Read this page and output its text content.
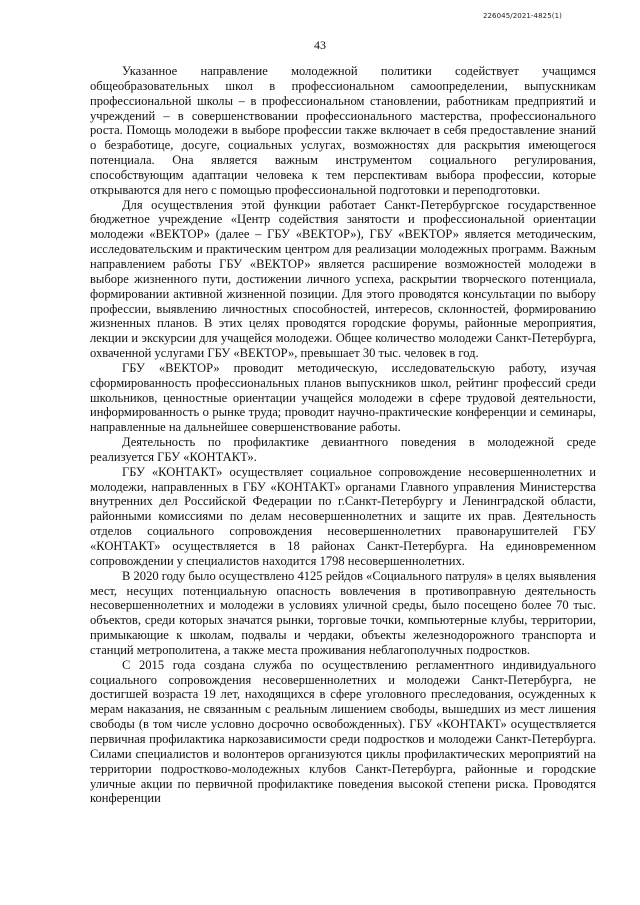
226045/2021-4825(1)
43

Указанное направление молодежной политики содействует учащимся общеобразовательных школ в профессиональном самоопределении, выпускникам профессиональной школы – в профессиональном становлении, работникам предприятий и учреждений – в совершенствовании профессионального мастерства, профессионального роста. Помощь молодежи в выборе профессии также включает в себя предоставление знаний о безработице, досуге, социальных услугах, возможностях для раскрытия имеющегося потенциала. Она является важным инструментом социального регулирования, способствующим адаптации человека к тем перспективам выбора профессии, которые открываются для него с помощью профессиональной подготовки и переподготовки.

Для осуществления этой функции работает Санкт-Петербургское государственное бюджетное учреждение «Центр содействия занятости и профессиональной ориентации молодежи «ВЕКТОР» (далее – ГБУ «ВЕКТОР»), ГБУ «ВЕКТОР» является методическим, исследовательским и практическим центром для реализации молодежных программ. Важным направлением работы ГБУ «ВЕКТОР» является расширение возможностей молодежи в выборе жизненного пути, достижении личного успеха, раскрытии творческого потенциала, формировании активной жизненной позиции. Для этого проводятся консультации по выбору профессии, выявлению личностных способностей, интересов, склонностей, формированию жизненных планов. В этих целях проводятся городские форумы, районные мероприятия, лекции и экскурсии для учащейся молодежи. Общее количество молодежи Санкт-Петербурга, охваченной услугами ГБУ «ВЕКТОР», превышает 30 тыс. человек в год.

ГБУ «ВЕКТОР» проводит методическую, исследовательскую работу, изучая сформированность профессиональных планов выпускников школ, рейтинг профессий среди школьников, ценностные ориентации учащейся молодежи в сфере трудовой деятельности, информированность о рынке труда; проводит научно-практические конференции и семинары, направленные на дальнейшее совершенствование работы.

Деятельность по профилактике девиантного поведения в молодежной среде реализуется ГБУ «КОНТАКТ».

ГБУ «КОНТАКТ» осуществляет социальное сопровождение несовершеннолетних и молодежи, направленных в ГБУ «КОНТАКТ» органами Главного управления Министерства внутренних дел Российской Федерации по г.Санкт-Петербургу и Ленинградской области, районными комиссиями по делам несовершеннолетних и защите их прав. Деятельность отделов социального сопровождения несовершеннолетних правонарушителей ГБУ «КОНТАКТ» осуществляется в 18 районах Санкт-Петербурга. На единовременном сопровождении у специалистов находится 1798 несовершеннолетних.

В 2020 году было осуществлено 4125 рейдов «Социального патруля» в целях выявления мест, несущих потенциальную опасность вовлечения в противоправную деятельность несовершеннолетних и молодежи в условиях уличной среды, было посещено более 70 тыс. объектов, среди которых значатся рынки, торговые точки, компьютерные клубы, территории, примыкающие к школам, подвалы и чердаки, объекты железнодорожного транспорта и станций метрополитена, а также места проживания неблагополучных подростков.

С 2015 года создана служба по осуществлению регламентного индивидуального социального сопровождения несовершеннолетних и молодежи Санкт-Петербурга, не достигшей возраста 19 лет, находящихся в сфере уголовного преследования, осужденных к мерам наказания, не связанным с реальным лишением свободы, вышедших из мест лишения свободы (в том числе условно досрочно освобожденных). ГБУ «КОНТАКТ» осуществляется первичная профилактика наркозависимости среди подростков и молодежи Санкт-Петербурга. Силами специалистов и волонтеров организуются циклы профилактических мероприятий на территории подростково-молодежных клубов Санкт-Петербурга, районные и городские уличные акции по первичной профилактике поведения высокой степени риска. Проводятся конференции
